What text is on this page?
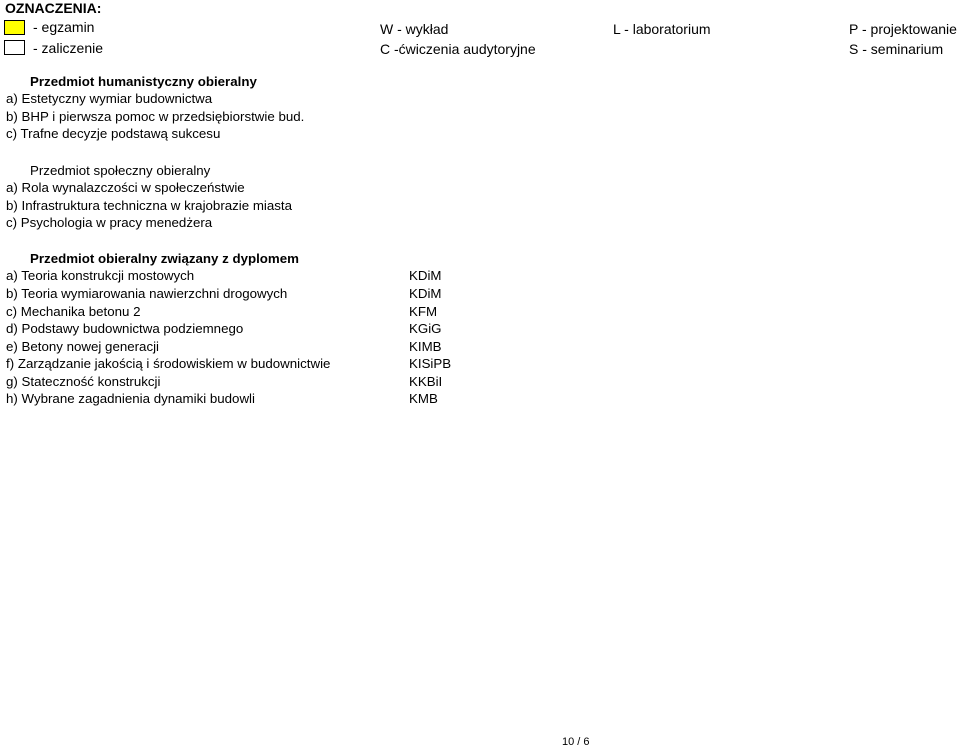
OZNACZENIA:
- egzamin
- zaliczenie
W - wykład
C -ćwiczenia audytoryjne
L - laboratorium	P - projektowanie
S - seminarium
Przedmiot humanistyczny obieralny
a) Estetyczny wymiar budownictwa
b) BHP i pierwsza pomoc w przedsiębiorstwie bud.
c) Trafne decyzje podstawą sukcesu
Przedmiot społeczny obieralny
a) Rola wynalazczości w społeczeństwie
b) Infrastruktura techniczna w krajobrazie miasta
c) Psychologia w pracy menedżera
Przedmiot obieralny związany z dyplomem
a) Teoria konstrukcji mostowych	KDiM
b) Teoria wymiarowania nawierzchni drogowych	KDiM
c) Mechanika betonu 2	KFM
d) Podstawy budownictwa podziemnego	KGiG
e) Betony nowej generacji	KIMB
f) Zarządzanie jakością i środowiskiem w budownictwie	KISiPB
g) Stateczność konstrukcji	KKBiI
h) Wybrane zagadnienia dynamiki budowli	KMB
10 / 6
